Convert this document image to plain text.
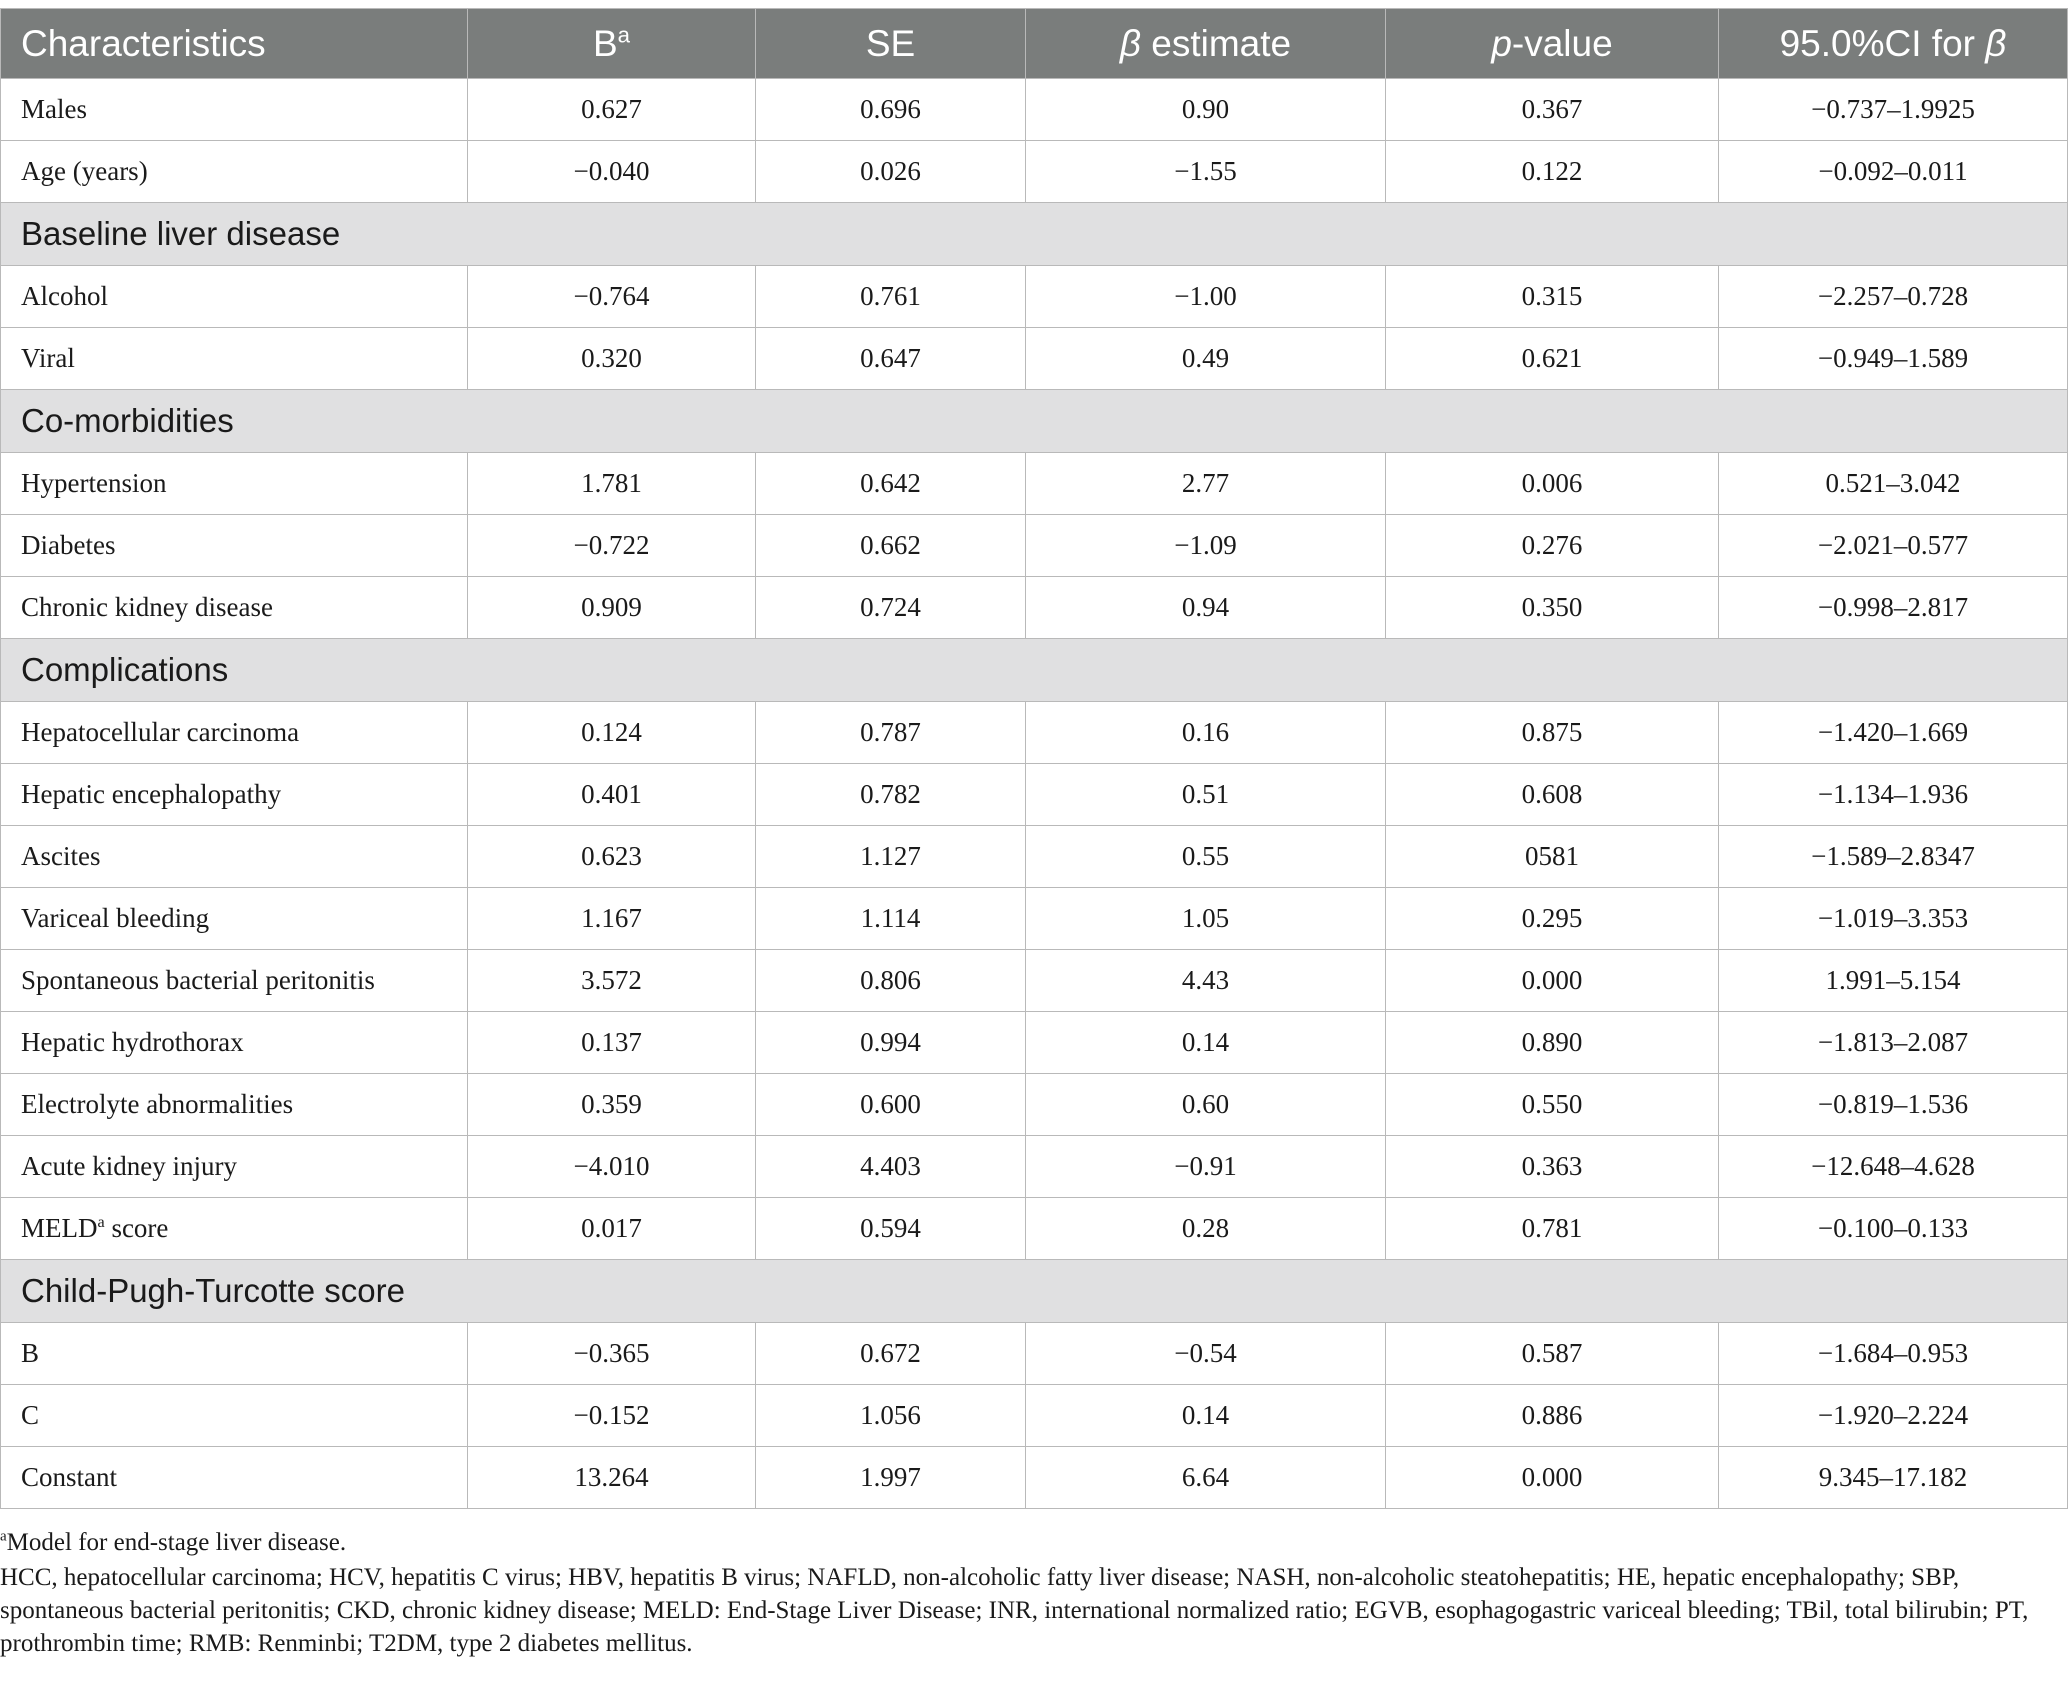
Characteristics	$B^a$	SE	β estimate	p-value	95.0%CI for β
Males	0.627	0.696	0.90	0.367	−0.737–1.9925
Age (years)	−0.040	0.026	−1.55	0.122	−0.092–0.011
Baseline liver disease					
Alcohol	−0.764	0.761	−1.00	0.315	−2.257–0.728
Viral	0.320	0.647	0.49	0.621	−0.949–1.589
Co-morbidities					
Hypertension	1.781	0.642	2.77	0.006	0.521–3.042
Diabetes	−0.722	0.662	−1.09	0.276	−2.021–0.577
Chronic kidney disease	0.909	0.724	0.94	0.350	−0.998–2.817
Complications					
Hepatocellular carcinoma	0.124	0.787	0.16	0.875	−1.420–1.669
Hepatic encephalopathy	0.401	0.782	0.51	0.608	−1.134–1.936
Ascites	0.623	1.127	0.55	0581	−1.589–2.8347
Variceal bleeding	1.167	1.114	1.05	0.295	−1.019–3.353
Spontaneous bacterial peritonitis	3.572	0.806	4.43	0.000	1.991–5.154
Hepatic hydrothorax	0.137	0.994	0.14	0.890	−1.813–2.087
Electrolyte abnormalities	0.359	0.600	0.60	0.550	−0.819–1.536
Acute kidney injury	−4.010	4.403	−0.91	0.363	−12.648–4.628
MELD$^a$ score	0.017	0.594	0.28	0.781	−0.100–0.133
Child-Pugh-Turcotte score					
B	−0.365	0.672	−0.54	0.587	−1.684–0.953
C	−0.152	1.056	0.14	0.886	−1.920–2.224
Constant	13.264	1.997	6.64	0.000	9.345–17.182

$^a$Model for end-stage liver disease.

HCC, hepatocellular carcinoma; HCV, hepatitis C virus; HBV, hepatitis B virus; NAFLD, non-alcoholic fatty liver disease; NASH, non-alcoholic steatohepatitis; HE, hepatic encephalopathy; SBP, spontaneous bacterial peritonitis; CKD, chronic kidney disease; MELD: End-Stage Liver Disease; INR, international normalized ratio; EGVB, esophagogastric variceal bleeding; TBil, total bilirubin; PT, prothrombin time; RMB: Renminbi; T2DM, type 2 diabetes mellitus.
